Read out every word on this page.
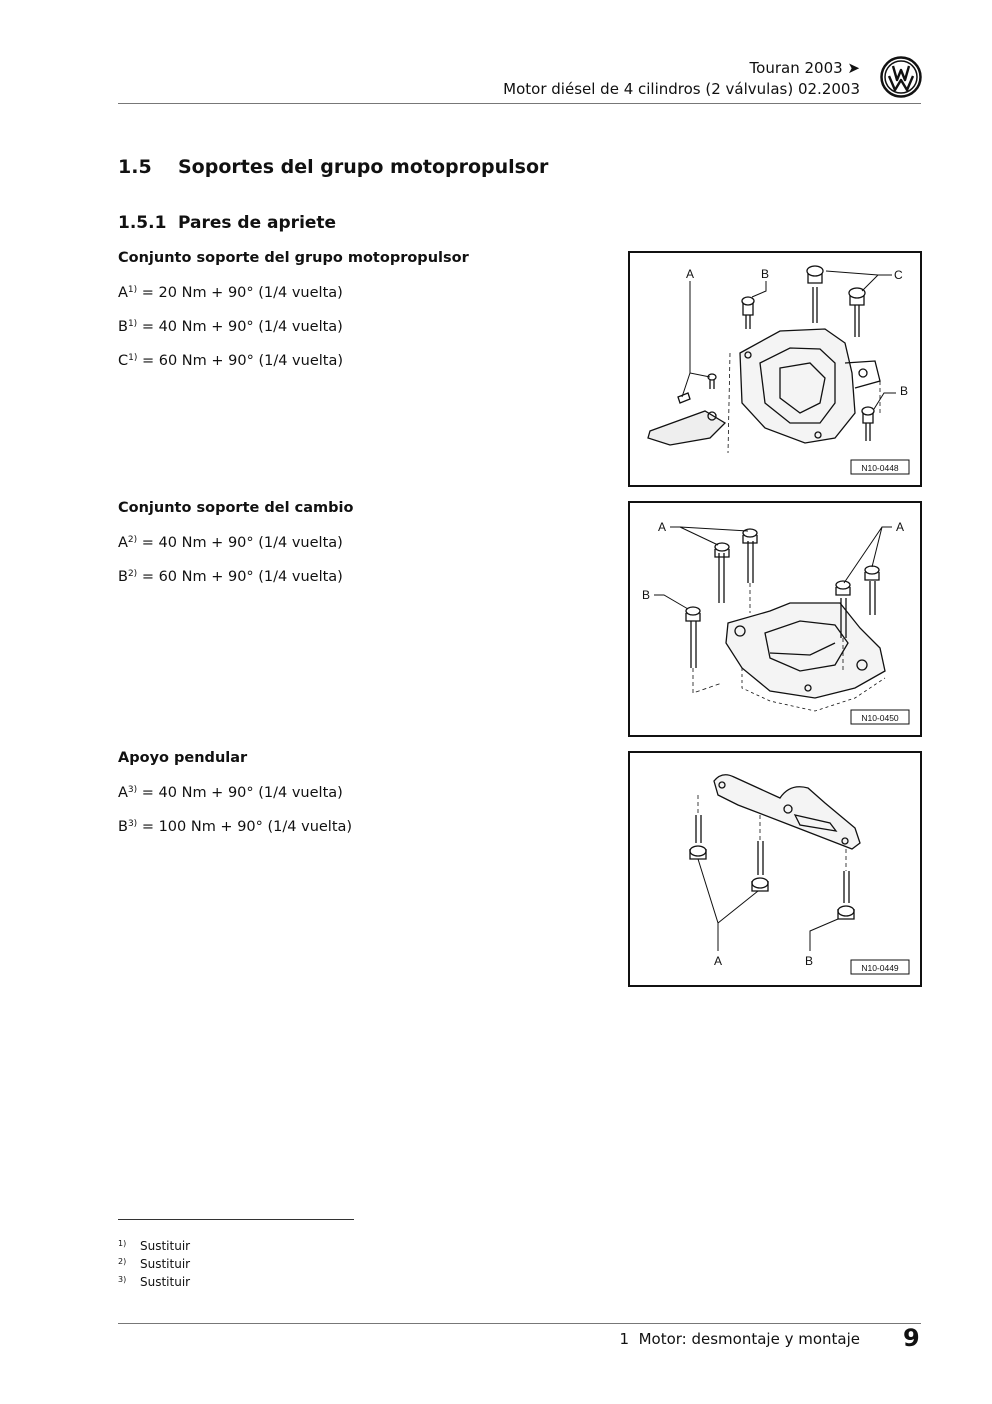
Touran 2003 ➤
Motor diésel de 4 cilindros (2 válvulas) 02.2003
1.5 Soportes del grupo motopropulsor
1.5.1 Pares de apriete
Conjunto soporte del grupo motopropulsor
$A^{1)} = 20$ Nm + 90° (1/4 vuelta)
$B^{1)} = 40$ Nm + 90° (1/4 vuelta)
$C^{1)} = 60$ Nm + 90° (1/4 vuelta)
A	B	C
B
N10-0448
Conjunto soporte del cambio
$A^{2)} = 40$ Nm + 90° (1/4 vuelta)
$B^{2)} = 60$ Nm + 90° (1/4 vuelta)
A	A
B
N10-0450
Apoyo pendular
$A^{3)} = 40$ Nm + 90° (1/4 vuelta)
$B^{3)} = 100$ Nm + 90° (1/4 vuelta)
A	B	N10-0449
$^{1)}$ Sustituir
$^{2)}$ Sustituir
$^{3)}$ Sustituir
1  Motor: desmontaje y montaje 9
